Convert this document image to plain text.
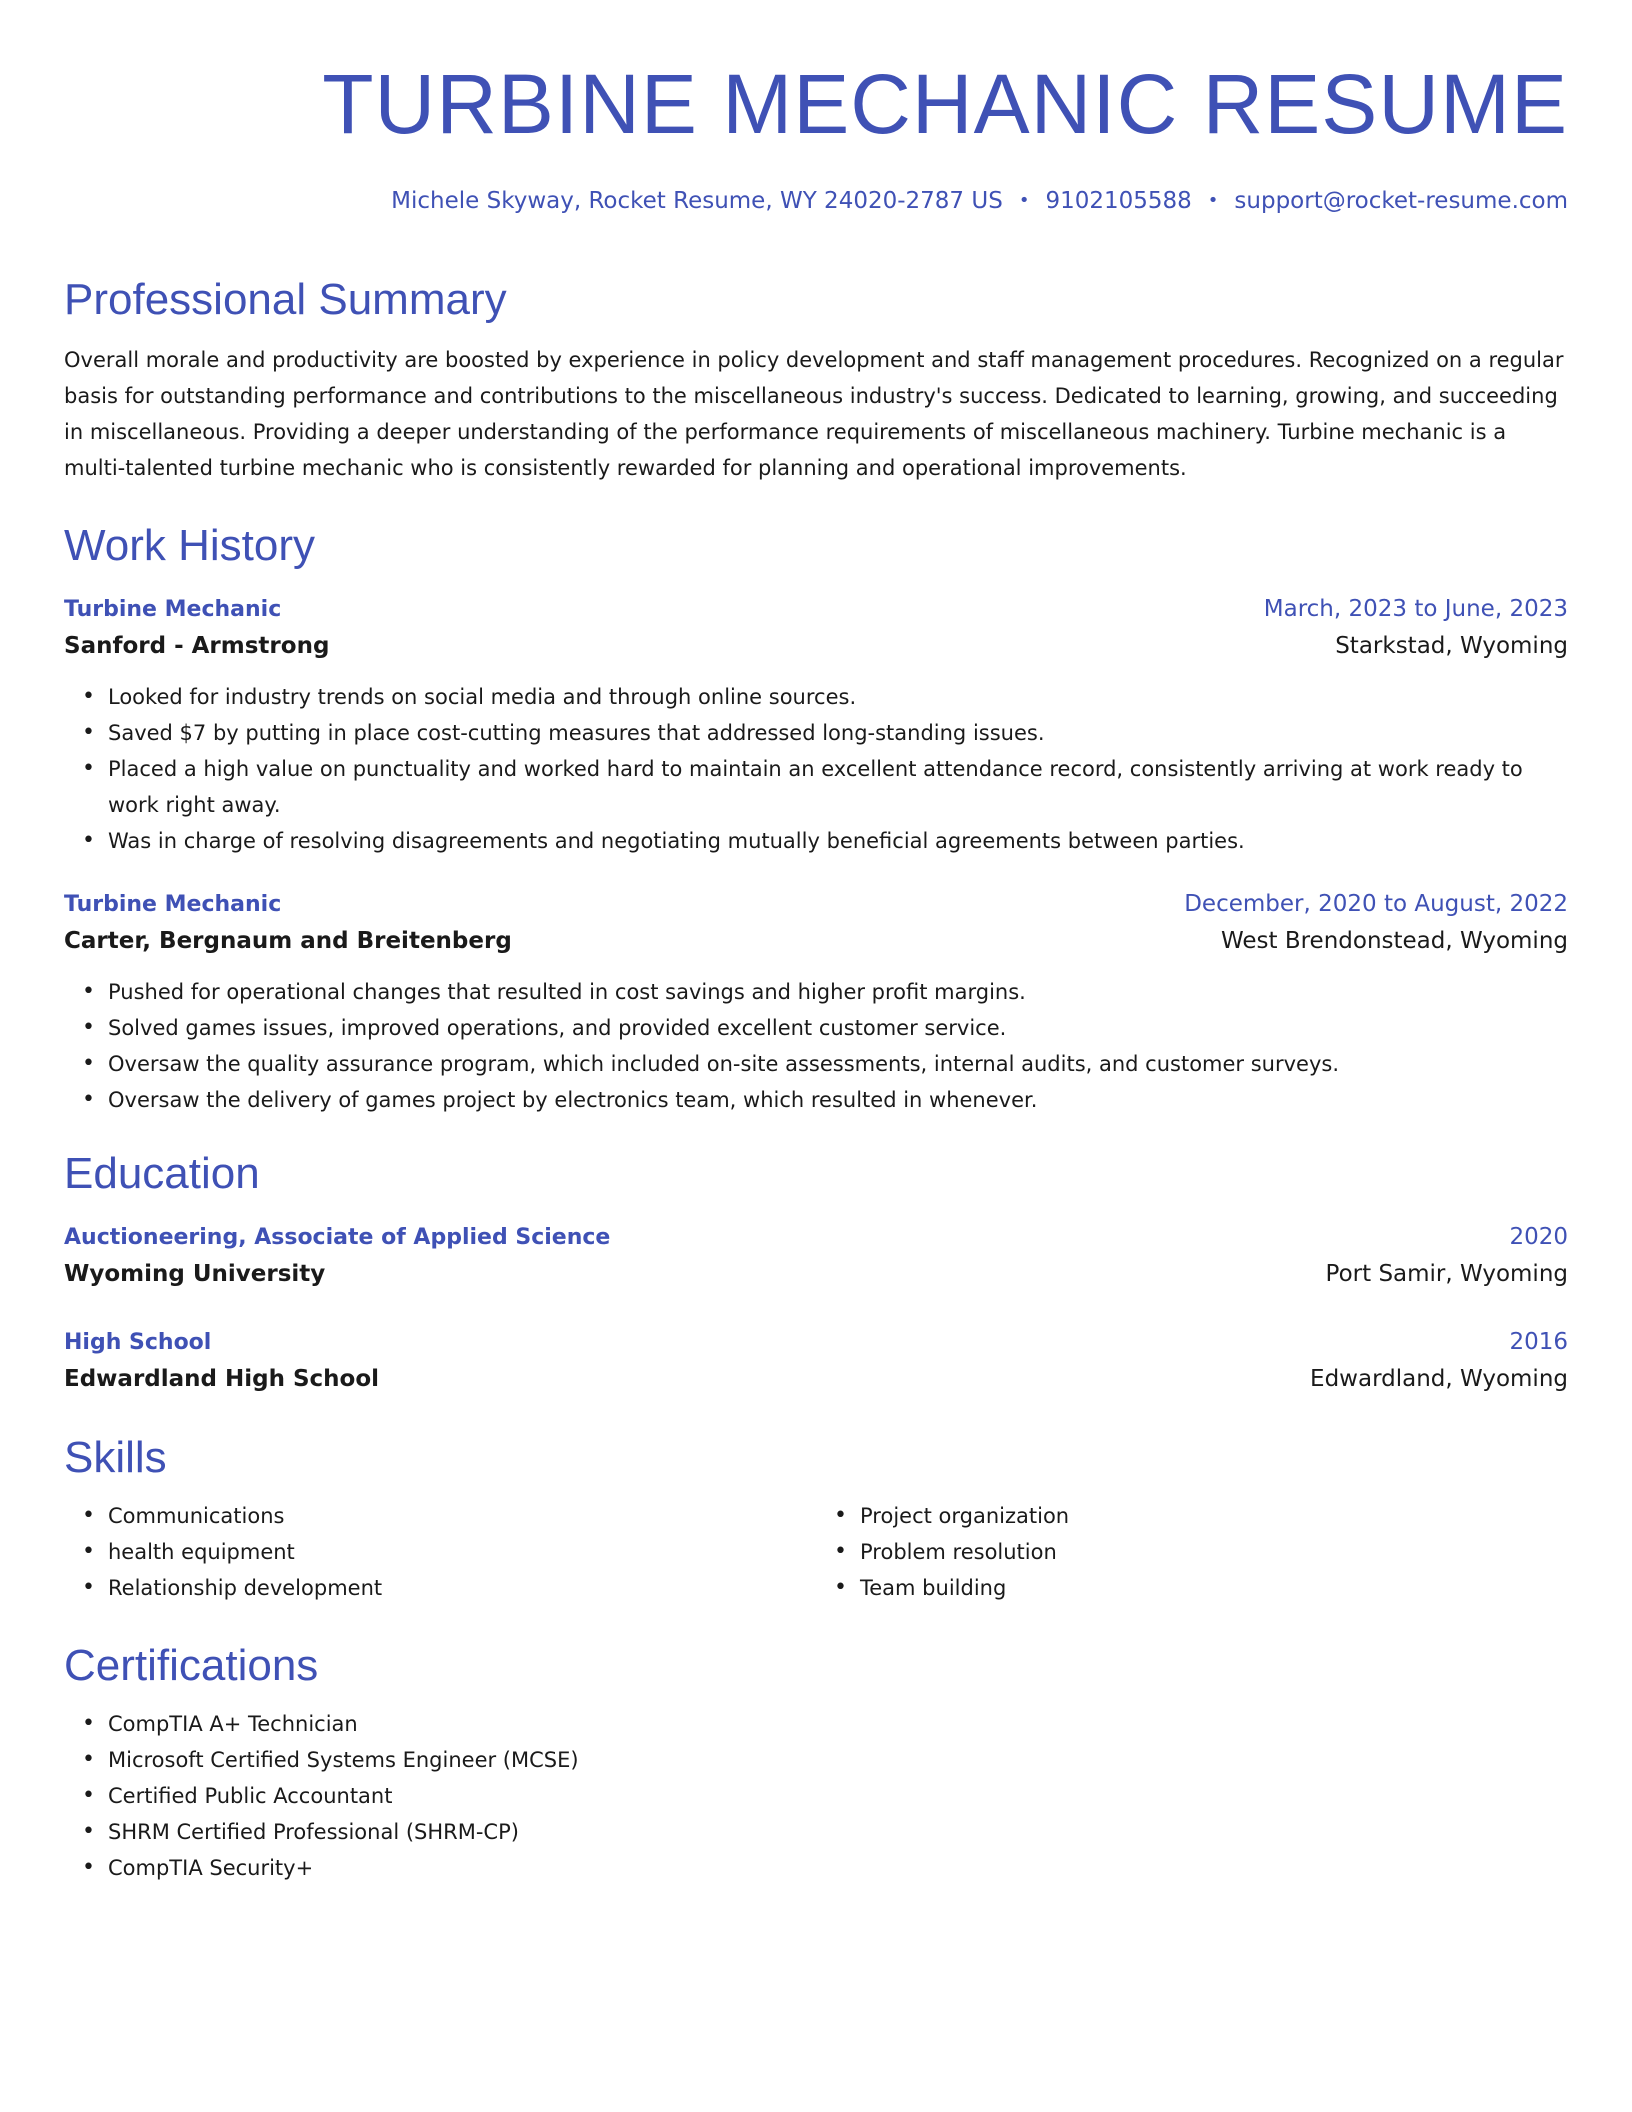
TURBINE MECHANIC RESUME
Michele Skyway, Rocket Resume, WY 24020-2787 US • 9102105588 • support@rocket-resume.com
Professional Summary

Overall morale and productivity are boosted by experience in policy development and staff management procedures. Recognized on a regular basis for outstanding performance and contributions to the miscellaneous industry's success. Dedicated to learning, growing, and succeeding in miscellaneous. Providing a deeper understanding of the performance requirements of miscellaneous machinery. Turbine mechanic is a multi-talented turbine mechanic who is consistently rewarded for planning and operational improvements.

Work History
Turbine Mechanic	March, 2023 to June, 2023
Sanford - Armstrong	Starkstad, Wyoming
• Looked for industry trends on social media and through online sources.
• Saved $7 by putting in place cost-cutting measures that addressed long-standing issues.
• Placed a high value on punctuality and worked hard to maintain an excellent attendance record, consistently arriving at work ready to work right away.
• Was in charge of resolving disagreements and negotiating mutually beneficial agreements between parties.
Turbine Mechanic	December, 2020 to August, 2022
Carter, Bergnaum and Breitenberg	West Brendonstead, Wyoming
• Pushed for operational changes that resulted in cost savings and higher profit margins.
• Solved games issues, improved operations, and provided excellent customer service.
• Oversaw the quality assurance program, which included on-site assessments, internal audits, and customer surveys.
• Oversaw the delivery of games project by electronics team, which resulted in whenever.
Education
Auctioneering, Associate of Applied Science	2020
Wyoming University	Port Samir, Wyoming
High School	2016
Edwardland High School	Edwardland, Wyoming
Skills
• Communications
• health equipment
• Relationship development
• Project organization
• Problem resolution
• Team building
Certifications
• CompTIA A+ Technician
• Microsoft Certified Systems Engineer (MCSE)
• Certified Public Accountant
• SHRM Certified Professional (SHRM-CP)
• CompTIA Security+
